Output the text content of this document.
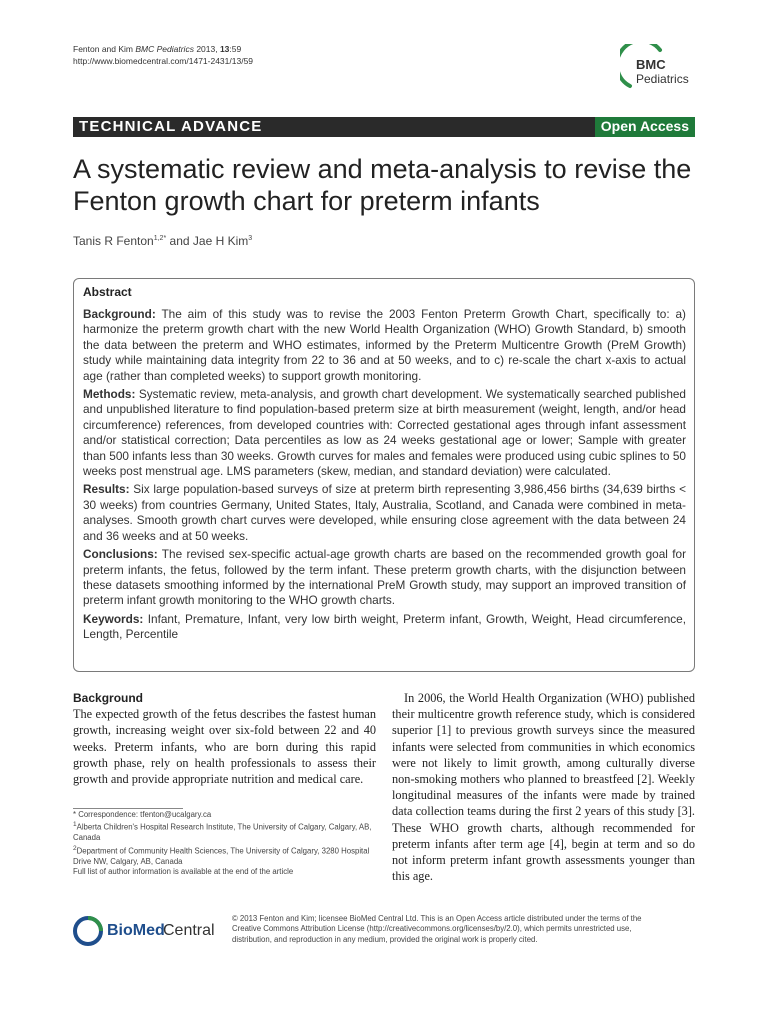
Fenton and Kim BMC Pediatrics 2013, 13:59
http://www.biomedcentral.com/1471-2431/13/59	BMC
Pediatrics
TECHNICAL ADVANCE	Open Access
A systematic review and meta-analysis to revise the Fenton growth chart for preterm infants
Tanis R Fenton$^{1,2*}$ and Jae H Kim$^3$
Abstract

Background: The aim of this study was to revise the 2003 Fenton Preterm Growth Chart, specifically to: a) harmonize the preterm growth chart with the new World Health Organization (WHO) Growth Standard, b) smooth the data between the preterm and WHO estimates, informed by the Preterm Multicentre Growth (PreM Growth) study while maintaining data integrity from 22 to 36 and at 50 weeks, and to c) re-scale the chart x-axis to actual age (rather than completed weeks) to support growth monitoring.

Methods: Systematic review, meta-analysis, and growth chart development. We systematically searched published and unpublished literature to find population-based preterm size at birth measurement (weight, length, and/or head circumference) references, from developed countries with: Corrected gestational ages through infant assessment and/or statistical correction; Data percentiles as low as 24 weeks gestational age or lower; Sample with greater than 500 infants less than 30 weeks. Growth curves for males and females were produced using cubic splines to 50 weeks post menstrual age. LMS parameters (skew, median, and standard deviation) were calculated.

Results: Six large population-based surveys of size at preterm birth representing 3,986,456 births (34,639 births < 30 weeks) from countries Germany, United States, Italy, Australia, Scotland, and Canada were combined in meta-analyses. Smooth growth chart curves were developed, while ensuring close agreement with the data between 24 and 36 weeks and at 50 weeks.

Conclusions: The revised sex-specific actual-age growth charts are based on the recommended growth goal for preterm infants, the fetus, followed by the term infant. These preterm growth charts, with the disjunction between these datasets smoothing informed by the international PreM Growth study, may support an improved transition of preterm infant growth monitoring to the WHO growth charts.

Keywords: Infant, Premature, Infant, very low birth weight, Preterm infant, Growth, Weight, Head circumference, Length, Percentile

Background

The expected growth of the fetus describes the fastest human growth, increasing weight over six-fold between 22 and 40 weeks. Preterm infants, who are born during this rapid growth phase, rely on health professionals to assess their growth and provide appropriate nutrition and medical care.

In 2006, the World Health Organization (WHO) published their multicentre growth reference study, which is considered superior [1] to previous growth surveys since the measured infants were selected from communities in which economics were not likely to limit growth, among culturally diverse non-smoking mothers who planned to breastfeed [2]. Weekly longitudinal measures of the infants were made by trained data collection teams during the first 2 years of this study [3]. These WHO growth charts, although recommended for preterm infants after term age [4], begin at term and so do not inform preterm infant growth assessments younger than this age.

* Correspondence: tfenton@ucalgary.ca
$^1$Alberta Children's Hospital Research Institute, The University of Calgary, Calgary, AB, Canada
$^2$Department of Community Health Sciences, The University of Calgary, 3280 Hospital Drive NW, Calgary, AB, Canada
Full list of author information is available at the end of the article
BioMed
Central
© 2013 Fenton and Kim; licensee BioMed Central Ltd. This is an Open Access article distributed under the terms of the Creative Commons Attribution License (http://creativecommons.org/licenses/by/2.0), which permits unrestricted use, distribution, and reproduction in any medium, provided the original work is properly cited.
